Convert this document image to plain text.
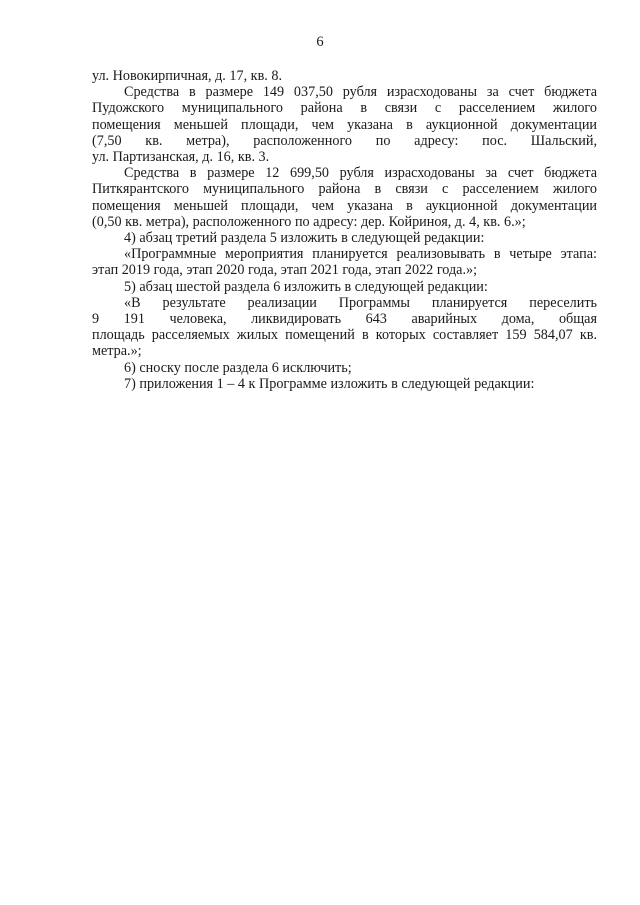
6
ул. Новокирпичная, д. 17, кв. 8.
Средства в размере 149 037,50 рубля израсходованы за счет бюджета
Пудожского муниципального района в связи с расселением жилого
помещения меньшей площади, чем указана в аукционной документации
(7,50 кв. метра), расположенного по адресу: пос. Шальский,
ул. Партизанская, д. 16, кв. 3.
Средства в размере 12 699,50 рубля израсходованы за счет бюджета
Питкярантского муниципального района в связи с расселением жилого
помещения меньшей площади, чем указана в аукционной документации
(0,50 кв. метра), расположенного по адресу: дер. Койриноя, д. 4, кв. 6.»;
4) абзац третий раздела 5 изложить в следующей редакции:
«Программные мероприятия планируется реализовывать в четыре этапа:
этап 2019 года, этап 2020 года, этап 2021 года, этап 2022 года.»;
5) абзац шестой раздела 6 изложить в следующей редакции:
«В результате реализации Программы планируется переселить
9 191 человека, ликвидировать 643 аварийных дома, общая
площадь расселяемых жилых помещений в которых составляет 159 584,07 кв.
метра.»;
6) сноску после раздела 6 исключить;
7) приложения 1 – 4 к Программе изложить в следующей редакции:
